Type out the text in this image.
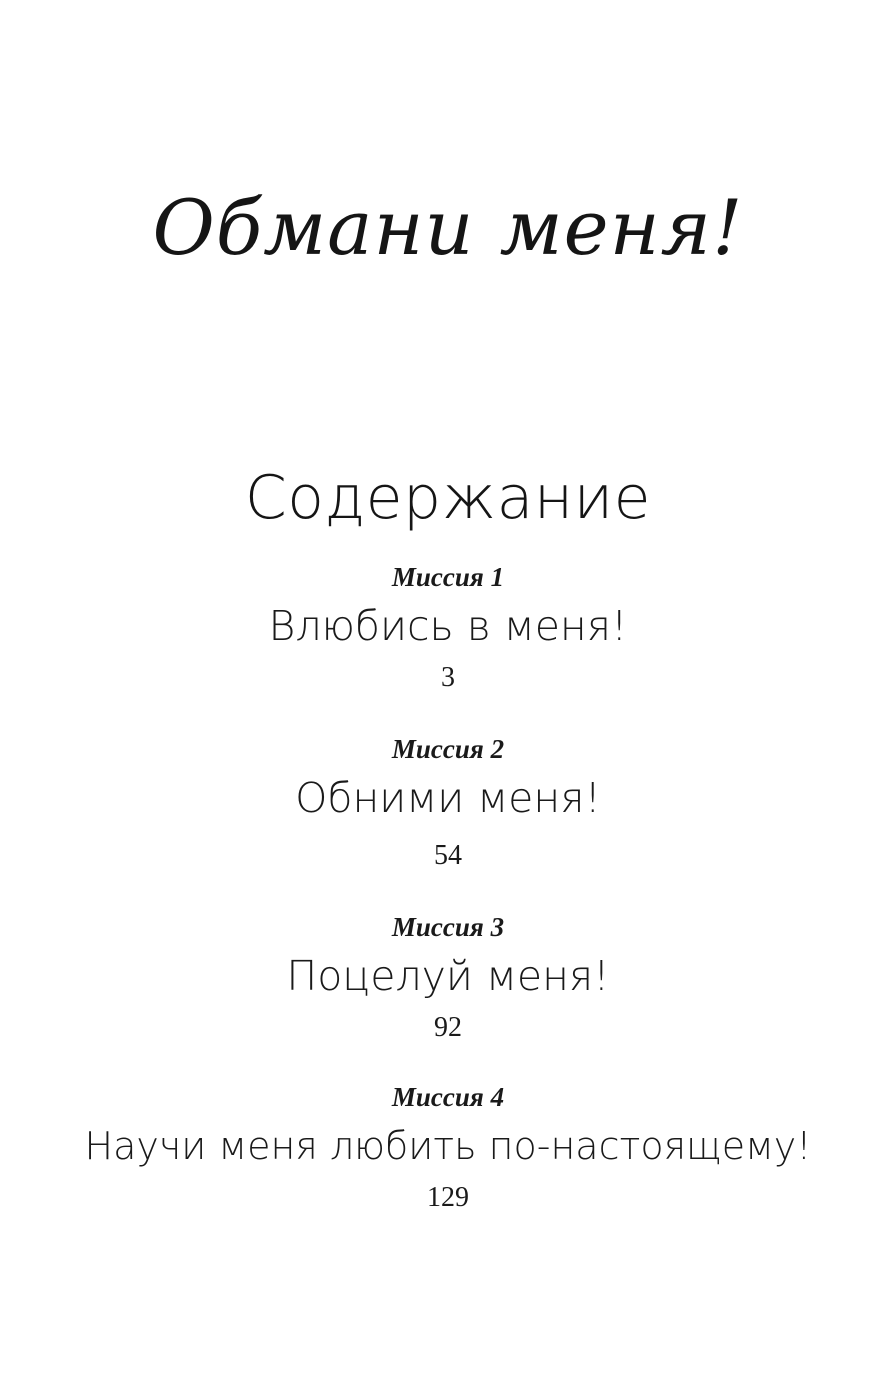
Обмани меня!
Содержание
Миссия 1
Влюбись в меня!
3
Миссия 2
Обними меня!
54
Миссия 3
Поцелуй меня!
92
Миссия 4
Научи меня любить по-настоящему!
129
